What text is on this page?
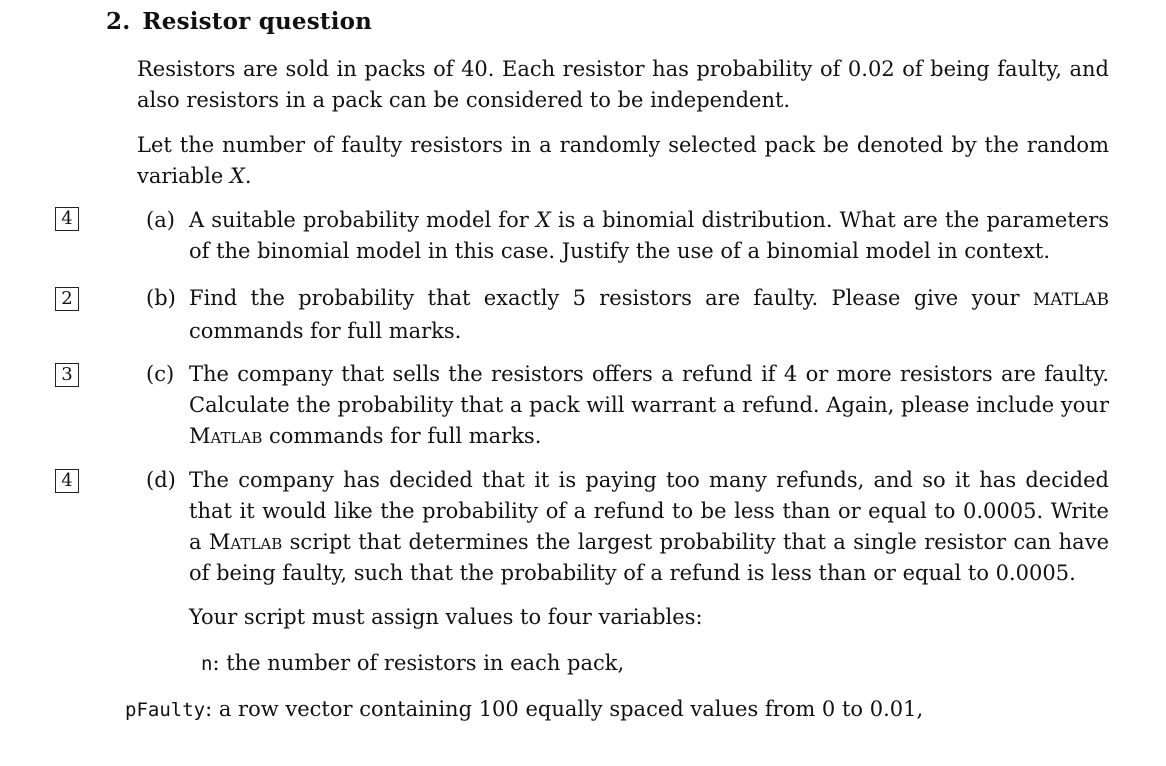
2. Resistor question
Resistors are sold in packs of 40. Each resistor has probability of 0.02 of being faulty, and also resistors in a pack can be considered to be independent.
Let the number of faulty resistors in a randomly selected pack be denoted by the random variable X.
4	(a) A suitable probability model for X is a binomial distribution. What are the parameters of the binomial model in this case. Justify the use of a binomial model in context.
2	(b) Find the probability that exactly 5 resistors are faulty. Please give your MATLAB commands for full marks.
3	(c) The company that sells the resistors offers a refund if 4 or more resistors are faulty. Calculate the probability that a pack will warrant a refund. Again, please include your Matlab commands for full marks.
4	(d) The company has decided that it is paying too many refunds, and so it has decided that it would like the probability of a refund to be less than or equal to 0.0005. Write a Matlab script that determines the largest probability that a single resistor can have of being faulty, such that the probability of a refund is less than or equal to 0.0005.
Your script must assign values to four variables:
n: the number of resistors in each pack,
pFaulty: a row vector containing 100 equally spaced values from 0 to 0.01,
